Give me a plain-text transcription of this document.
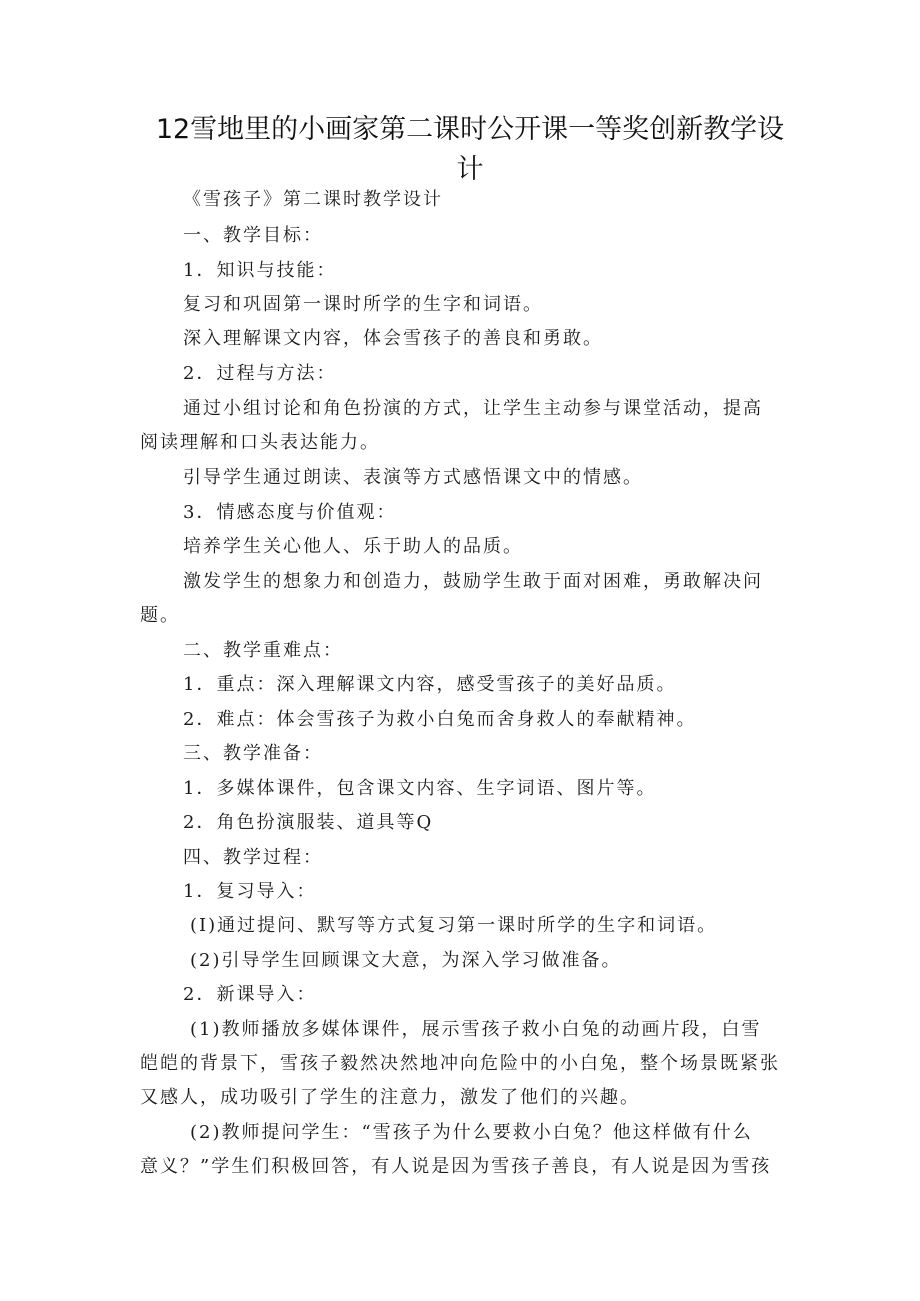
12雪地里的小画家第二课时公开课一等奖创新教学设
计
《雪孩子》第二课时教学设计
一、教学目标：
1．知识与技能：
复习和巩固第一课时所学的生字和词语。
深入理解课文内容，体会雪孩子的善良和勇敢。
2．过程与方法：
通过小组讨论和角色扮演的方式，让学生主动参与课堂活动，提高
阅读理解和口头表达能力。
引导学生通过朗读、表演等方式感悟课文中的情感。
3．情感态度与价值观：
培养学生关心他人、乐于助人的品质。
激发学生的想象力和创造力，鼓励学生敢于面对困难，勇敢解决问
题。
二、教学重难点：
1．重点：深入理解课文内容，感受雪孩子的美好品质。
2．难点：体会雪孩子为救小白兔而舍身救人的奉献精神。
三、教学准备：
1．多媒体课件，包含课文内容、生字词语、图片等。
2．角色扮演服装、道具等Q
四、教学过程：
1．复习导入：
(I)通过提问、默写等方式复习第一课时所学的生字和词语。
(2)引导学生回顾课文大意，为深入学习做准备。
2．新课导入：
(1)教师播放多媒体课件，展示雪孩子救小白兔的动画片段，白雪
皑皑的背景下，雪孩子毅然决然地冲向危险中的小白兔，整个场景既紧张
又感人，成功吸引了学生的注意力，激发了他们的兴趣。
(2)教师提问学生：“雪孩子为什么要救小白兔？他这样做有什么
意义？”学生们积极回答，有人说是因为雪孩子善良，有人说是因为雪孩
